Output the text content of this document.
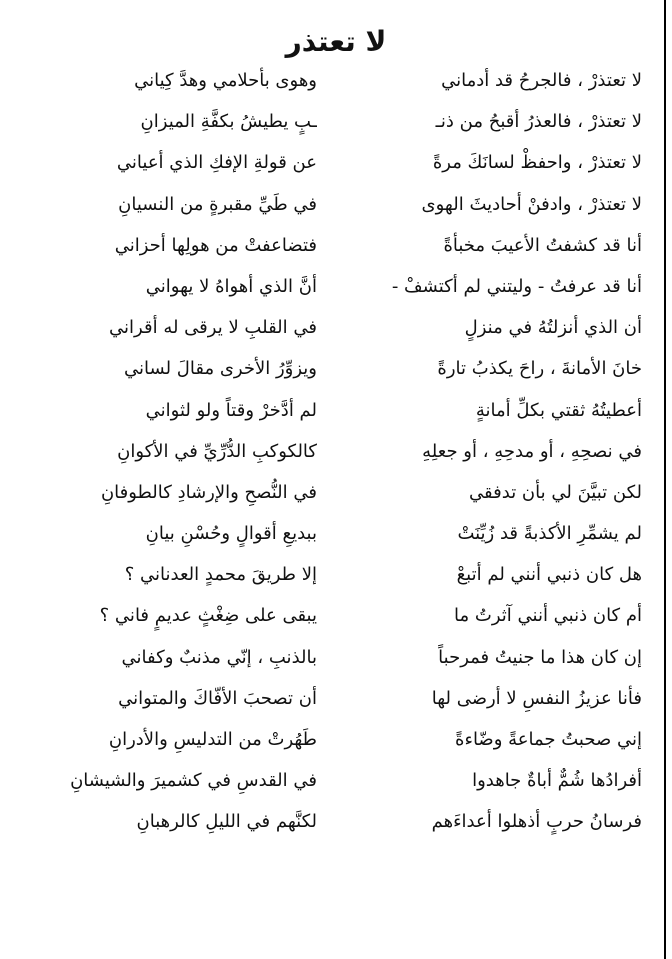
لا تعتذر
لا تعتذرْ ، فالجرحُ قد أدماني
وهوى بأحلامي وهدَّ كِياني
لا تعتذرْ ، فالعذرُ أقبحُ من ذنـ
ـبٍ يطيشُ بكفَّةِ الميزانِ
لا تعتذرْ ، واحفظْ لسانَكَ مرةً
عن قولةِ الإفكِ الذي أعياني
لا تعتذرْ ، وادفنْ أحاديثَ الهوى
في طَيِّ مقبرةٍ من النسيانِ
أنا قد كشفتُ الأعيبَ مخبأةً
فتضاعفتْ من هولِها أحزاني
أنا قد عرفتُ - وليتني لم أكتشفْ -
أنَّ الذي أهواهُ لا يهواني
أن الذي أنزلتُهُ في منزلٍ
في القلبِ لا يرقى له أقراني
خانَ الأمانةَ ، راحَ يكذبُ تارةً
ويزوِّرُ الأخرى مقالَ لساني
أعطيتُهُ ثقتي بكلِّ أمانةٍ
لم أدَّخرْ وقتاً ولو لثواني
في نصحِهِ ، أو مدحِهِ ، أو جعلِهِ
كالكوكبِ الدُّرِّيِّ في الأكوانِ
لكن تبيَّنَ لي بأن تدفقي
في النُّصحِ والإرشادِ كالطوفانِ
لم يشمِّرِ الأكذبةً قد زُيِّنَتْ
ببديعِ أقوالٍ وحُسْنِ بيانِ
هل كان ذنبي أنني لم أتبعْ
إلا طريقَ محمدٍ العدناني ؟
أم كان ذنبي أنني آثرتُ ما
يبقى على ضِغْثٍ عديمٍ فاني ؟
إن كان هذا ما جنيتُ فمرحباً
بالذنبِ ، إنّي مذنبٌ وكفاني
فأنا عزيزُ النفسِ لا أرضى لها
أن تصحبَ الأفّاكَ والمتواني
إني صحبتُ جماعةً وضّاءةً
طَهُرتْ من التدليسِ والأدرانِ
أفرادُها شُمٌّ أباةٌ جاهدوا
في القدسِ في كشميرَ والشيشانِ
فرسانُ حربٍ أذهلوا أعداءَهم
لكنَّهم في الليلِ كالرهبانِ
